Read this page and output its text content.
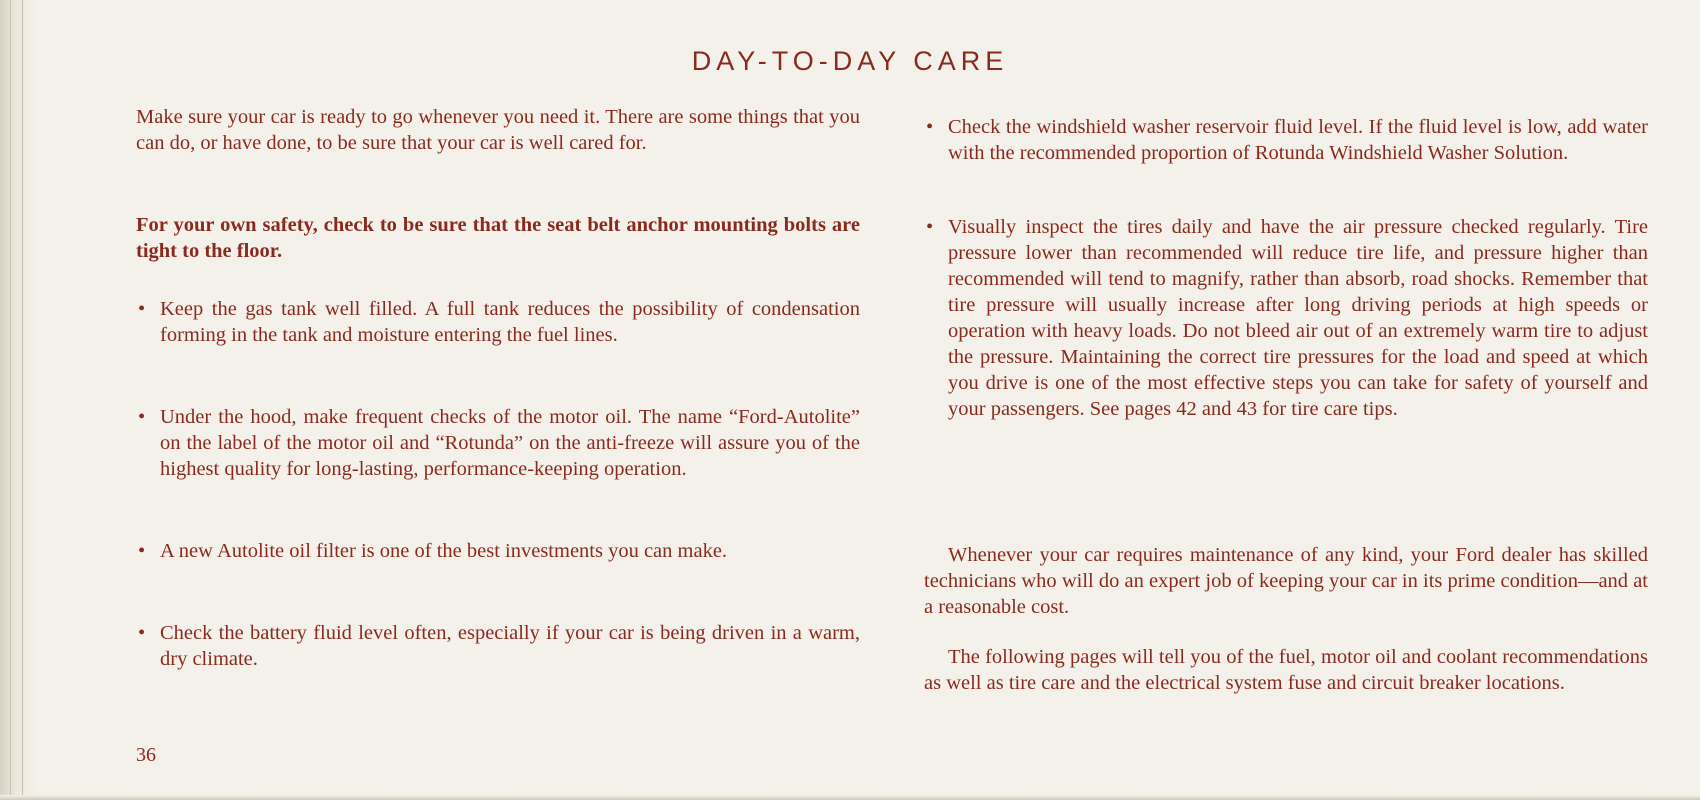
DAY-TO-DAY CARE

Make sure your car is ready to go whenever you need it. There are some things that you can do, or have done, to be sure that your car is well cared for.

For your own safety, check to be sure that the seat belt anchor mounting bolts are tight to the floor.

• Keep the gas tank well filled. A full tank reduces the possibility of condensation forming in the tank and moisture entering the fuel lines.
• Under the hood, make frequent checks of the motor oil. The name “Ford-Autolite” on the label of the motor oil and “Rotunda” on the anti-freeze will assure you of the highest quality for long-lasting, performance-keeping operation.
• A new Autolite oil filter is one of the best investments you can make.
• Check the battery fluid level often, especially if your car is being driven in a warm, dry climate.
• Check the windshield washer reservoir fluid level. If the fluid level is low, add water with the recommended proportion of Rotunda Windshield Washer Solution.
• Visually inspect the tires daily and have the air pressure checked regularly. Tire pressure lower than recommended will reduce tire life, and pressure higher than recommended will tend to magnify, rather than absorb, road shocks. Remember that tire pressure will usually increase after long driving periods at high speeds or operation with heavy loads. Do not bleed air out of an extremely warm tire to adjust the pressure. Maintaining the correct tire pressures for the load and speed at which you drive is one of the most effective steps you can take for safety of yourself and your passengers. See pages 42 and 43 for tire care tips.

Whenever your car requires maintenance of any kind, your Ford dealer has skilled technicians who will do an expert job of keeping your car in its prime condition—and at a reasonable cost.

The following pages will tell you of the fuel, motor oil and coolant recommendations as well as tire care and the electrical system fuse and circuit breaker locations.

36
